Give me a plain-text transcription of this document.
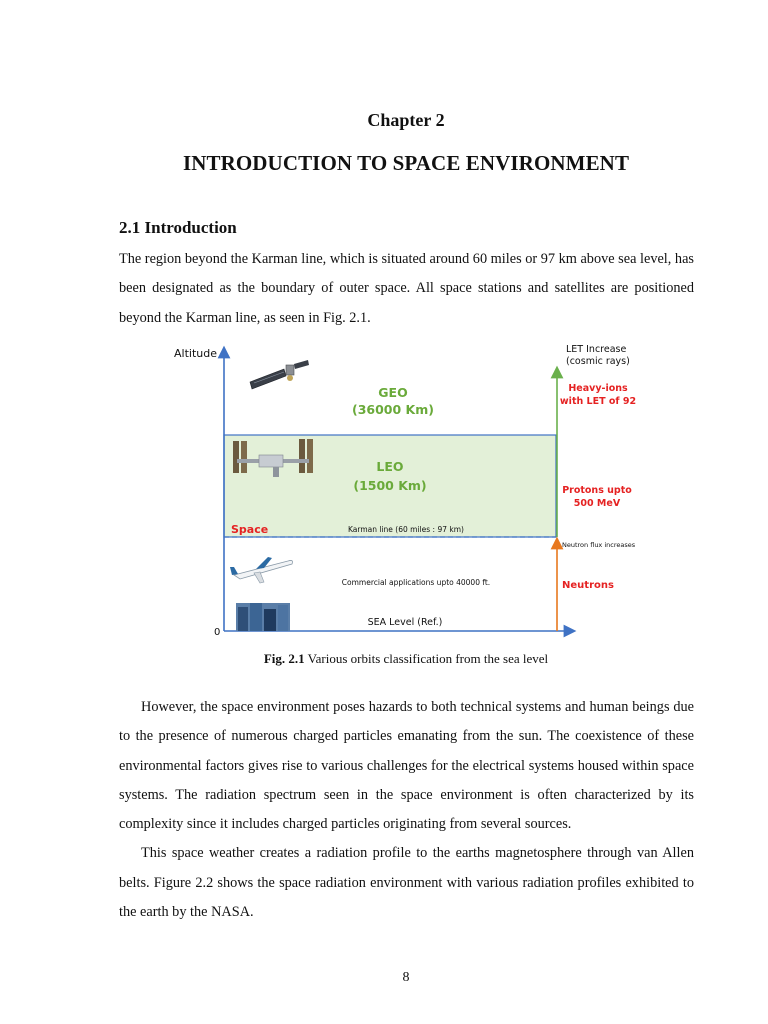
Chapter 2
INTRODUCTION TO SPACE ENVIRONMENT
2.1 Introduction

The region beyond the Karman line, which is situated around 60 miles or 97 km above sea level, has been designated as the boundary of outer space. All space stations and satellites are positioned beyond the Karman line, as seen in Fig. 2.1.

Altitude
0
GEO
(36000 Km)
LEO
(1500 Km)
Space	Karman line (60 miles : 97 km)
Commercial applications upto 40000 ft.
SEA Level (Ref.)
LET Increase
(cosmic rays)
Heavy-ions
with LET of 92
Protons upto
500 MeV
Neutron flux increases
Neutrons
Fig. 2.1 Various orbits classification from the sea level

However, the space environment poses hazards to both technical systems and human beings due to the presence of numerous charged particles emanating from the sun. The coexistence of these environmental factors gives rise to various challenges for the electrical systems housed within space systems. The radiation spectrum seen in the space environment is often characterized by its complexity since it includes charged particles originating from several sources.

This space weather creates a radiation profile to the earths magnetosphere through van Allen belts. Figure 2.2 shows the space radiation environment with various radiation profiles exhibited to the earth by the NASA.

8
